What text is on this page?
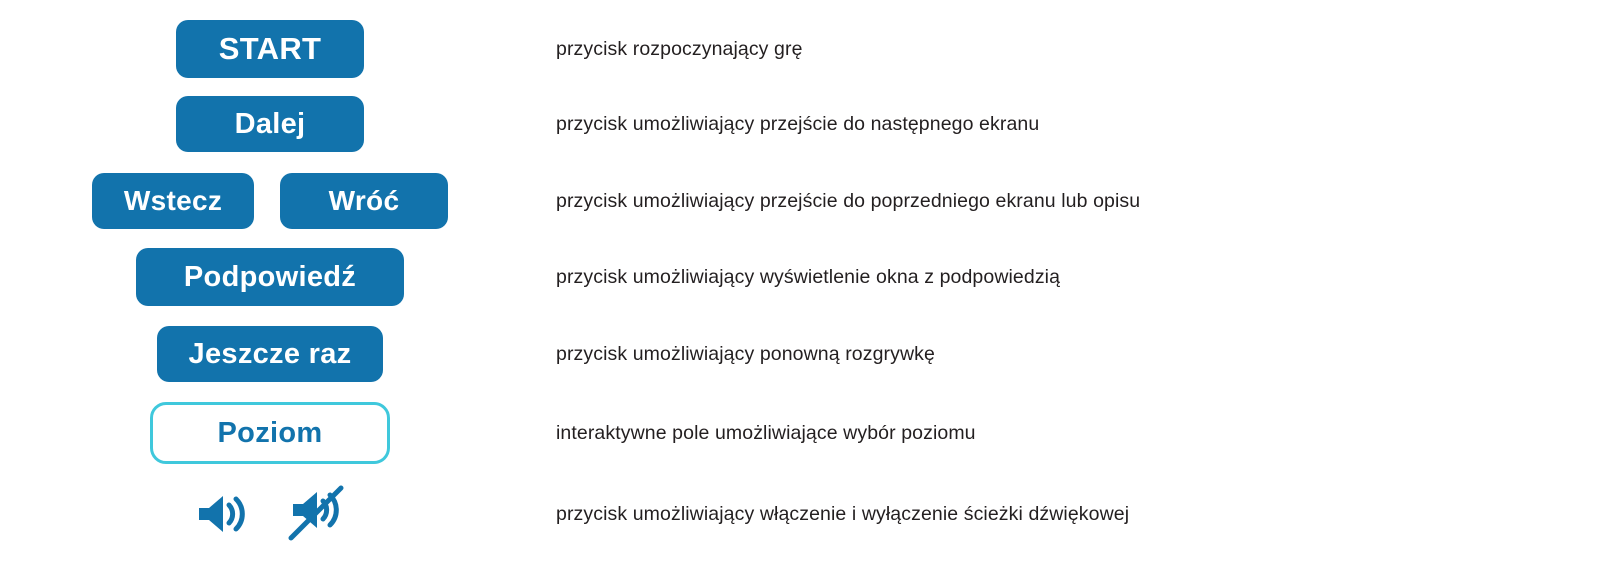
START	przycisk rozpoczynający grę
Dalej	przycisk umożliwiający przejście do następnego ekranu
Wstecz	Wróć	przycisk umożliwiający przejście do poprzedniego ekranu lub opisu
Podpowiedź	przycisk umożliwiający wyświetlenie okna z podpowiedzią
Jeszcze raz	przycisk umożliwiający ponowną rozgrywkę
Poziom	interaktywne pole umożliwiające wybór poziomu
przycisk umożliwiający włączenie i wyłączenie ścieżki dźwiękowej
